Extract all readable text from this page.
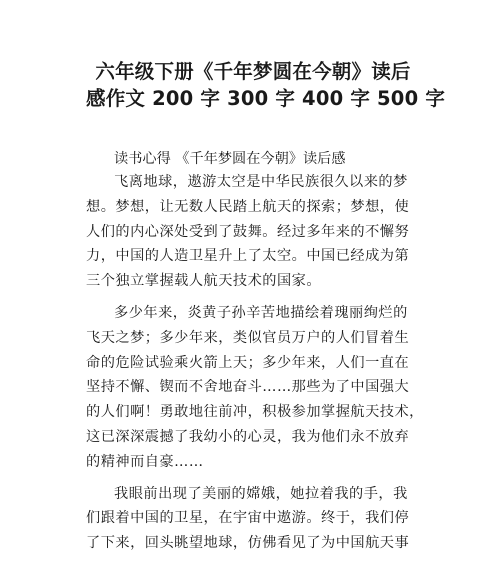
六年级下册《千年梦圆在今朝》读后
感作文 200 字 300 字 400 字 500 字
读书心得 《千年梦圆在今朝》读后感
飞离地球，遨游太空是中华民族很久以来的梦
想。梦想，让无数人民踏上航天的探索；梦想，使
人们的内心深处受到了鼓舞。经过多年来的不懈努
力，中国的人造卫星升上了太空。中国已经成为第
三个独立掌握载人航天技术的国家。
多少年来，炎黄子孙辛苦地描绘着瑰丽绚烂的
飞天之梦；多少年来，类似官员万户的人们冒着生
命的危险试验乘火箭上天；多少年来，人们一直在
坚持不懈、锲而不舍地奋斗……那些为了中国强大
的人们啊！勇敢地往前冲，积极参加掌握航天技术，
这已深深震撼了我幼小的心灵，我为他们永不放弃
的精神而自豪……
我眼前出现了美丽的嫦娥，她拉着我的手，我
们跟着中国的卫星，在宇宙中遨游。终于，我们停
了下来，回头眺望地球，仿佛看见了为中国航天事
